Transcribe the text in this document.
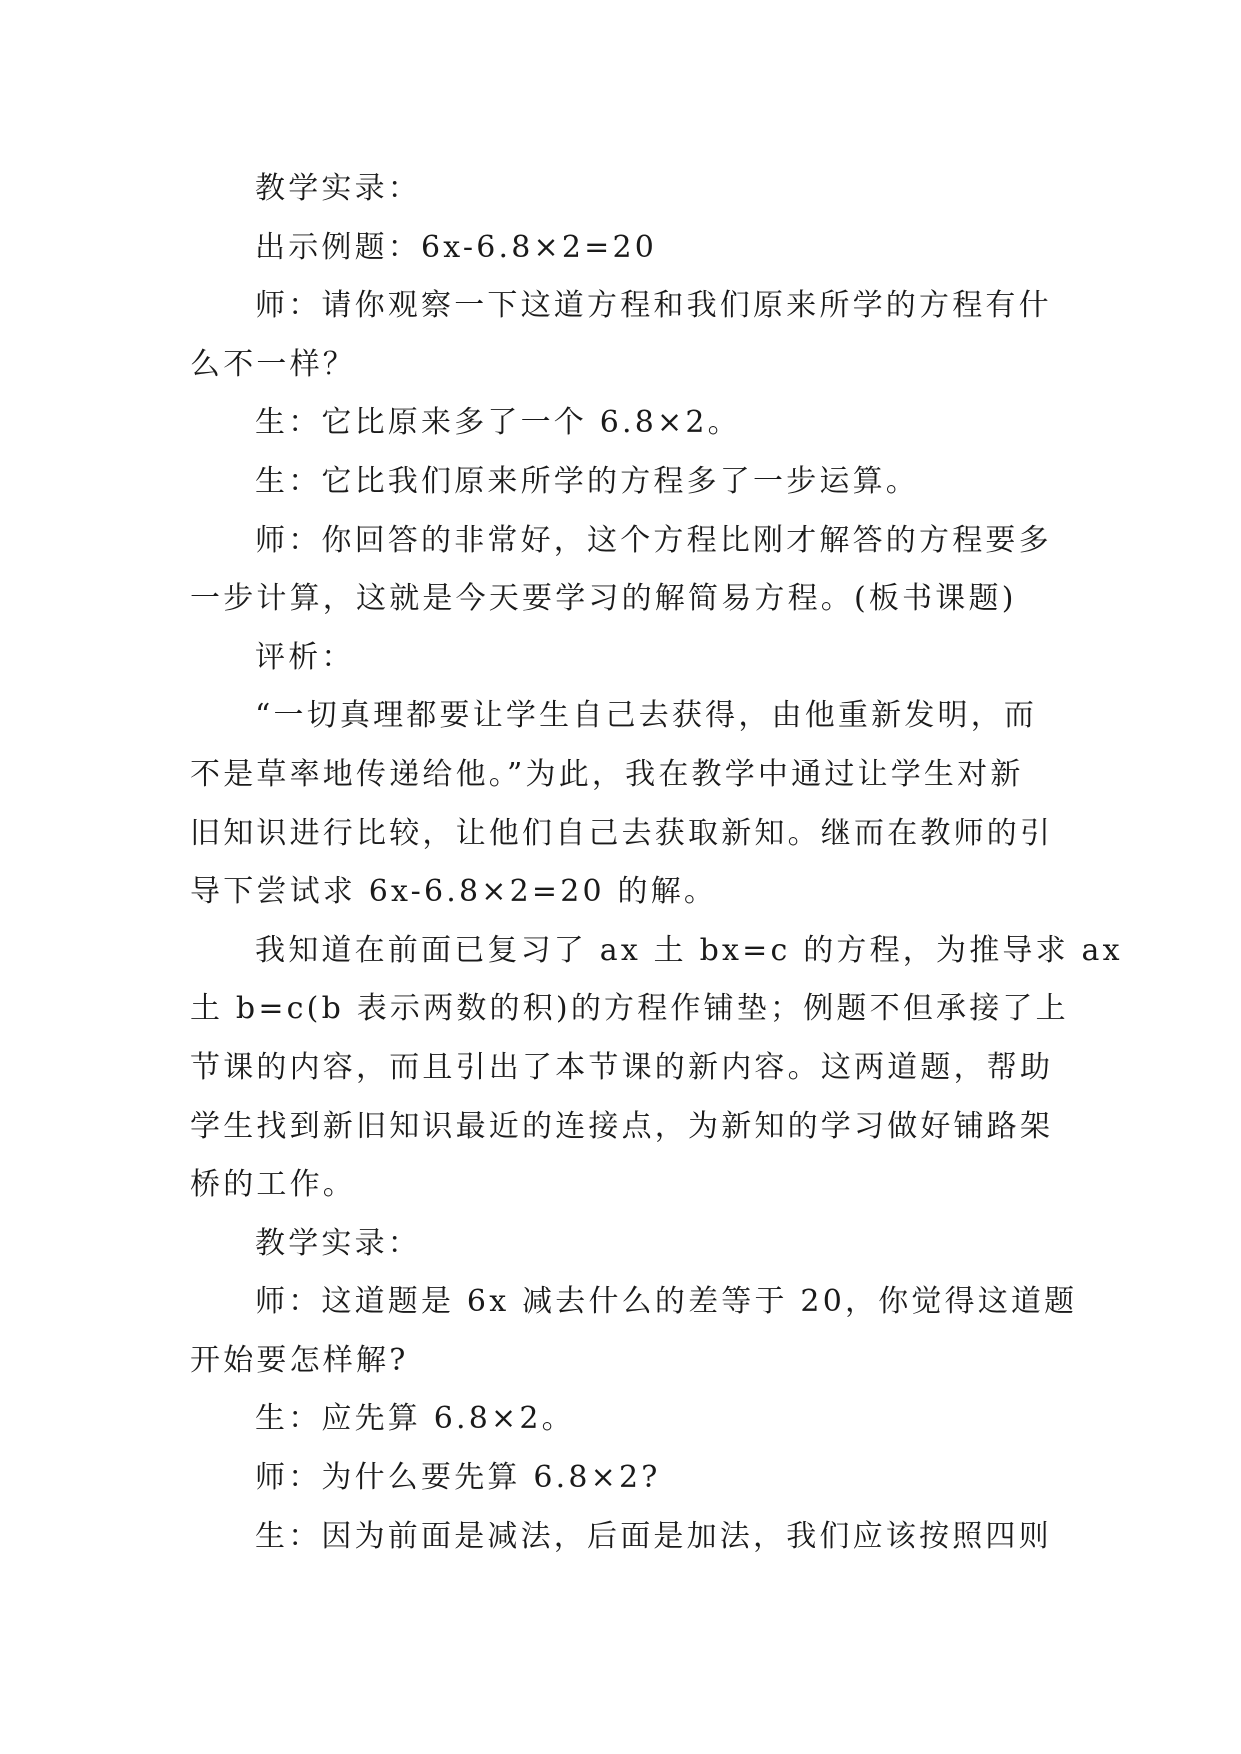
教学实录：
出示例题：6x-6.8×2=20
师：请你观察一下这道方程和我们原来所学的方程有什
么不一样？
生：它比原来多了一个 6.8×2。
生：它比我们原来所学的方程多了一步运算。
师：你回答的非常好，这个方程比刚才解答的方程要多
一步计算，这就是今天要学习的解简易方程。(板书课题)
评析：
“一切真理都要让学生自己去获得，由他重新发明，而
不是草率地传递给他。”为此，我在教学中通过让学生对新
旧知识进行比较，让他们自己去获取新知。继而在教师的引
导下尝试求 6x-6.8×2=20 的解。
我知道在前面已复习了 ax 土 bx=c 的方程，为推导求 ax
土 b=c(b 表示两数的积)的方程作铺垫；例题不但承接了上
节课的内容，而且引出了本节课的新内容。这两道题，帮助
学生找到新旧知识最近的连接点，为新知的学习做好铺路架
桥的工作。
教学实录：
师：这道题是 6x 减去什么的差等于 20，你觉得这道题
开始要怎样解?
生：应先算 6.8×2。
师：为什么要先算 6.8×2?
生：因为前面是减法，后面是加法，我们应该按照四则
